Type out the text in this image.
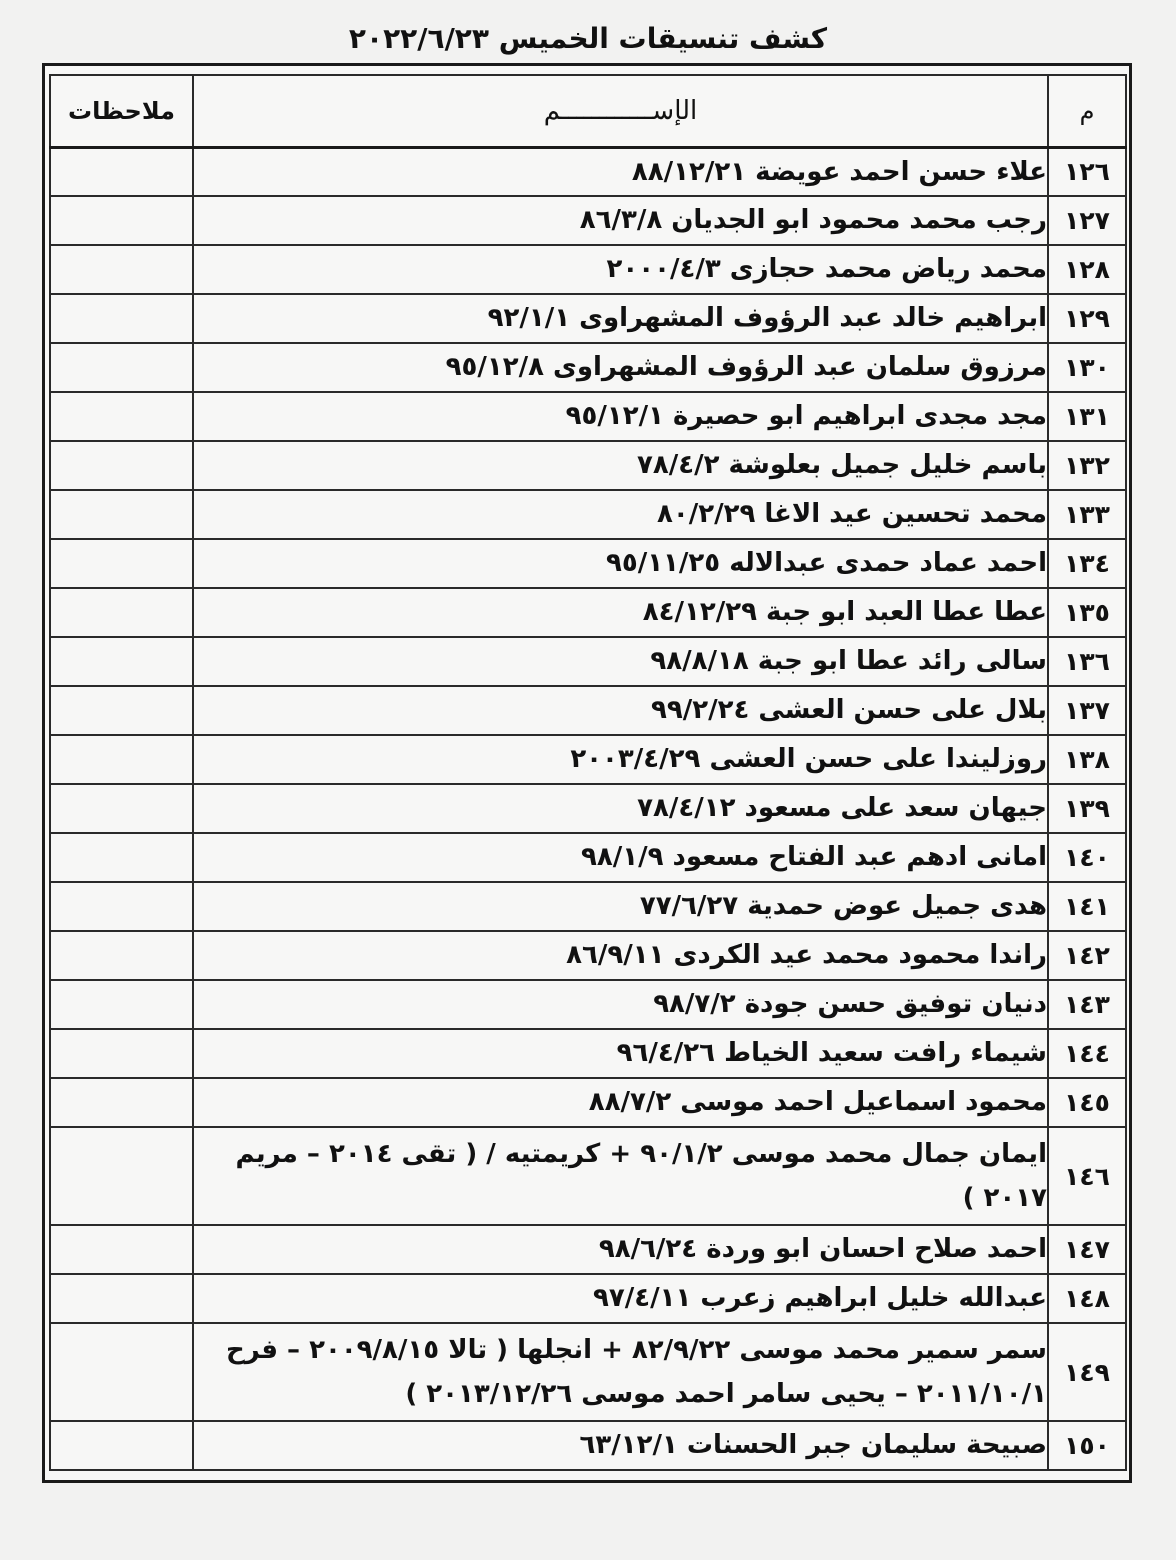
كشف تنسيقات الخميس ٢٠٢٢/٦/٢٣
م	الإســــــــــــم	ملاحظات
١٢٦	علاء حسن احمد عويضة ٨٨/١٢/٢١	
١٢٧	رجب محمد محمود ابو الجديان ٨٦/٣/٨	
١٢٨	محمد رياض محمد حجازى ٢٠٠٠/٤/٣	
١٢٩	ابراهيم خالد عبد الرؤوف المشهراوى ٩٢/١/١	
١٣٠	مرزوق سلمان عبد الرؤوف المشهراوى ٩٥/١٢/٨	
١٣١	مجد مجدى ابراهيم ابو حصيرة ٩٥/١٢/١	
١٣٢	باسم خليل جميل بعلوشة ٧٨/٤/٢	
١٣٣	محمد تحسين عيد الاغا ٨٠/٢/٢٩	
١٣٤	احمد عماد حمدى عبدالاله ٩٥/١١/٢٥	
١٣٥	عطا عطا العبد ابو جبة ٨٤/١٢/٢٩	
١٣٦	سالى رائد عطا ابو جبة ٩٨/٨/١٨	
١٣٧	بلال على حسن العشى ٩٩/٢/٢٤	
١٣٨	روزليندا على حسن العشى ٢٠٠٣/٤/٢٩	
١٣٩	جيهان سعد على مسعود ٧٨/٤/١٢	
١٤٠	امانى ادهم عبد الفتاح مسعود ٩٨/١/٩	
١٤١	هدى جميل عوض حمدية ٧٧/٦/٢٧	
١٤٢	راندا محمود محمد عيد الكردى ٨٦/٩/١١	
١٤٣	دنيان توفيق حسن جودة ٩٨/٧/٢	
١٤٤	شيماء رافت سعيد الخياط ٩٦/٤/٢٦	
١٤٥	محمود اسماعيل احمد موسى ٨٨/٧/٢	
١٤٦	ايمان جمال محمد موسى ٩٠/١/٢ + كريمتيه / ( تقى ٢٠١٤ – مريم ٢٠١٧ )	
١٤٧	احمد صلاح احسان ابو وردة ٩٨/٦/٢٤	
١٤٨	عبدالله خليل ابراهيم زعرب ٩٧/٤/١١	
١٤٩	سمر سمير محمد موسى ٨٢/٩/٢٢ + انجلها ( تالا ٢٠٠٩/٨/١٥ – فرح ٢٠١١/١٠/١ – يحيى سامر احمد موسى ٢٠١٣/١٢/٢٦ )	
١٥٠	صبيحة سليمان جبر الحسنات ٦٣/١٢/١	
